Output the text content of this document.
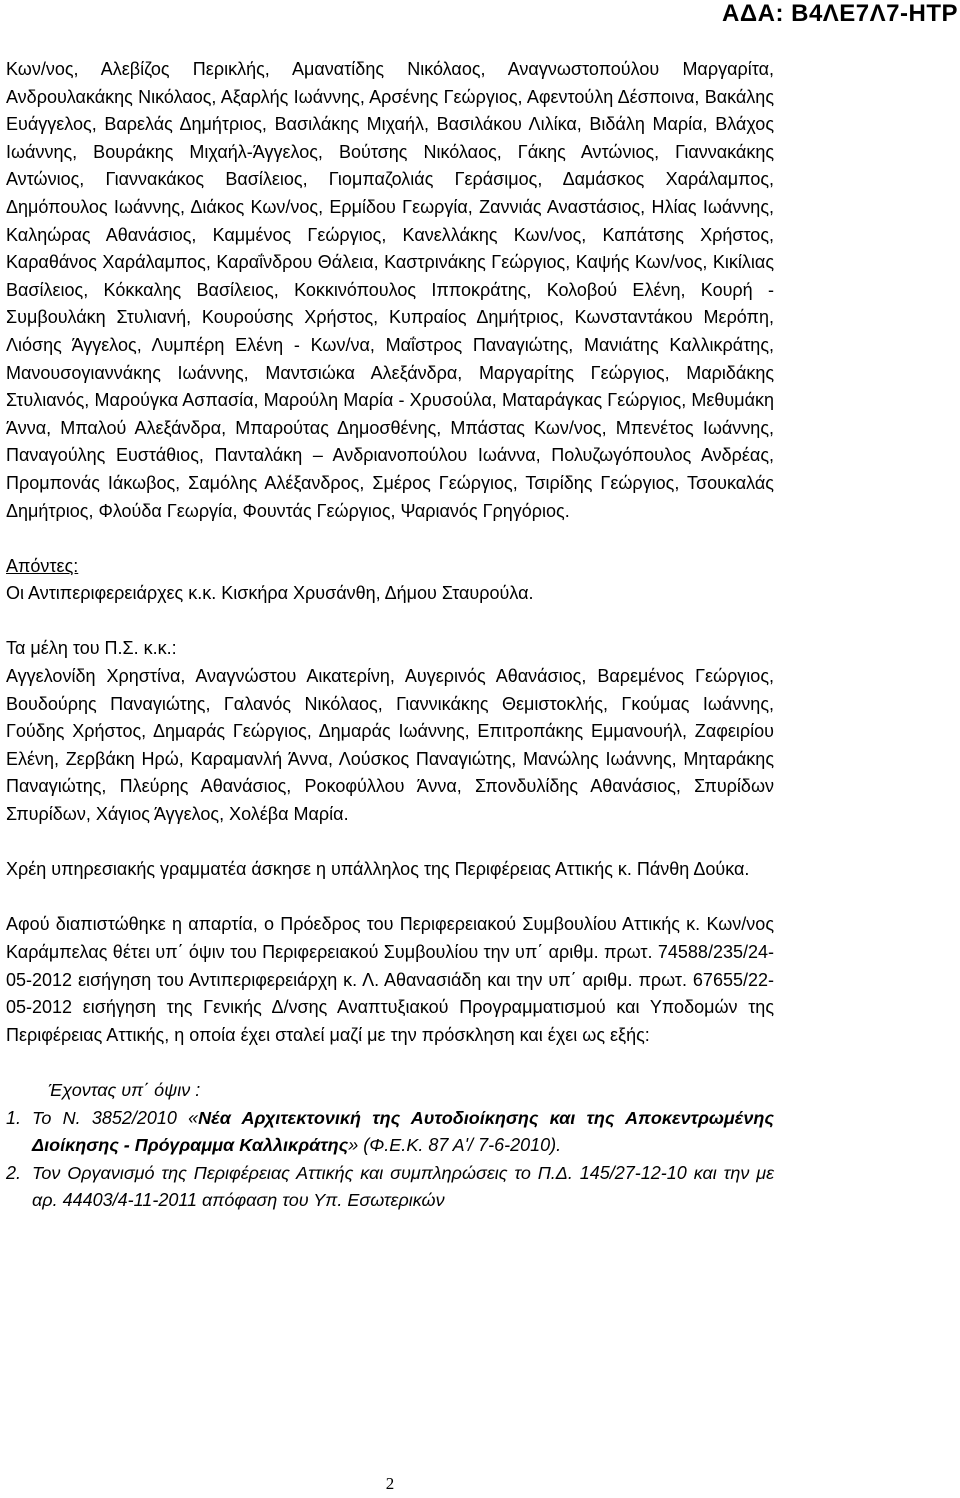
ΑΔΑ: Β4ΛΕ7Λ7-ΗΤΡ

Κων/νος, Αλεβίζος Περικλής, Αμανατίδης Νικόλαος, Αναγνωστοπούλου Μαργαρίτα, Ανδρουλακάκης Νικόλαος, Αξαρλής Ιωάννης, Αρσένης Γεώργιος, Αφεντούλη Δέσποινα, Βακάλης Ευάγγελος, Βαρελάς Δημήτριος, Βασιλάκης Μιχαήλ, Βασιλάκου Λιλίκα, Βιδάλη Μαρία, Βλάχος Ιωάννης, Βουράκης Μιχαήλ-Άγγελος, Βούτσης Νικόλαος, Γάκης Αντώνιος, Γιαννακάκης Αντώνιος, Γιαννακάκος Βασίλειος, Γιομπαζολιάς Γεράσιμος, Δαμάσκος Χαράλαμπος, Δημόπουλος Ιωάννης, Διάκος Κων/νος, Ερμίδου Γεωργία, Ζαννιάς Αναστάσιος, Ηλίας Ιωάννης, Καληώρας Αθανάσιος, Καμμένος Γεώργιος, Κανελλάκης Κων/νος, Καπάτσης Χρήστος, Καραθάνος Χαράλαμπος, Καραΐνδρου Θάλεια, Καστρινάκης Γεώργιος, Καψής Κων/νος, Κικίλιας Βασίλειος, Κόκκαλης Βασίλειος, Κοκκινόπουλος Ιπποκράτης, Κολοβού Ελένη, Κουρή - Συμβουλάκη Στυλιανή, Κουρούσης Χρήστος, Κυπραίος Δημήτριος, Κωνσταντάκου Μερόπη, Λιόσης Άγγελος, Λυμπέρη Ελένη - Κων/να, Μαΐστρος Παναγιώτης, Μανιάτης Καλλικράτης, Μανουσογιαννάκης Ιωάννης, Μαντσιώκα Αλεξάνδρα, Μαργαρίτης Γεώργιος, Μαριδάκης Στυλιανός, Μαρούγκα Ασπασία, Μαρούλη Μαρία - Χρυσούλα, Ματαράγκας Γεώργιος, Μεθυμάκη Άννα, Μπαλού Αλεξάνδρα, Μπαρούτας Δημοσθένης, Μπάστας Κων/νος, Μπενέτος Ιωάννης, Παναγούλης Ευστάθιος, Πανταλάκη – Ανδριανοπούλου Ιωάννα, Πολυζωγόπουλος Ανδρέας, Προμπονάς Ιάκωβος, Σαμόλης Αλέξανδρος, Σμέρος Γεώργιος, Τσιρίδης Γεώργιος, Τσουκαλάς Δημήτριος, Φλούδα Γεωργία, Φουντάς Γεώργιος, Ψαριανός Γρηγόριος.

Απόντες:

Οι Αντιπεριφερειάρχες κ.κ. Κισκήρα Χρυσάνθη, Δήμου Σταυρούλα.

Τα μέλη του Π.Σ. κ.κ.:

Αγγελονίδη Χρηστίνα, Αναγνώστου Αικατερίνη, Αυγερινός Αθανάσιος, Βαρεμένος Γεώργιος, Βουδούρης Παναγιώτης, Γαλανός Νικόλαος, Γιαννικάκης Θεμιστοκλής, Γκούμας Ιωάννης, Γούδης Χρήστος, Δημαράς Γεώργιος, Δημαράς Ιωάννης, Επιτροπάκης Εμμανουήλ, Ζαφειρίου Ελένη, Ζερβάκη Ηρώ, Καραμανλή Άννα, Λούσκος Παναγιώτης, Μανώλης Ιωάννης, Μηταράκης Παναγιώτης, Πλεύρης Αθανάσιος, Ροκοφύλλου Άννα, Σπονδυλίδης Αθανάσιος, Σπυρίδων Σπυρίδων, Χάγιος Άγγελος, Χολέβα Μαρία.

Χρέη υπηρεσιακής γραμματέα άσκησε η υπάλληλος της Περιφέρειας Αττικής κ. Πάνθη Δούκα.

Αφού διαπιστώθηκε η απαρτία, ο Πρόεδρος του Περιφερειακού Συμβουλίου Αττικής κ. Κων/νος Καράμπελας θέτει υπ΄ όψιν του Περιφερειακού Συμβουλίου την υπ΄ αριθμ. πρωτ. 74588/235/24-05-2012 εισήγηση του Αντιπεριφερειάρχη κ. Λ. Αθανασιάδη και την υπ΄ αριθμ. πρωτ. 67655/22-05-2012 εισήγηση της Γενικής Δ/νσης Αναπτυξιακού Προγραμματισμού και Υποδομών της Περιφέρειας Αττικής, η οποία έχει σταλεί μαζί με την πρόσκληση και έχει ως εξής:

Έχοντας υπ΄ όψιν :

1. Το Ν. 3852/2010 «Νέα Αρχιτεκτονική της Αυτοδιοίκησης και της Αποκεντρωμένης Διοίκησης - Πρόγραμμα Καλλικράτης» (Φ.Ε.Κ. 87 Α'/ 7-6-2010).
2. Τον Οργανισμό της Περιφέρειας Αττικής και συμπληρώσεις το Π.Δ. 145/27-12-10 και την με αρ. 44403/4-11-2011 απόφαση του Υπ. Εσωτερικών
2
